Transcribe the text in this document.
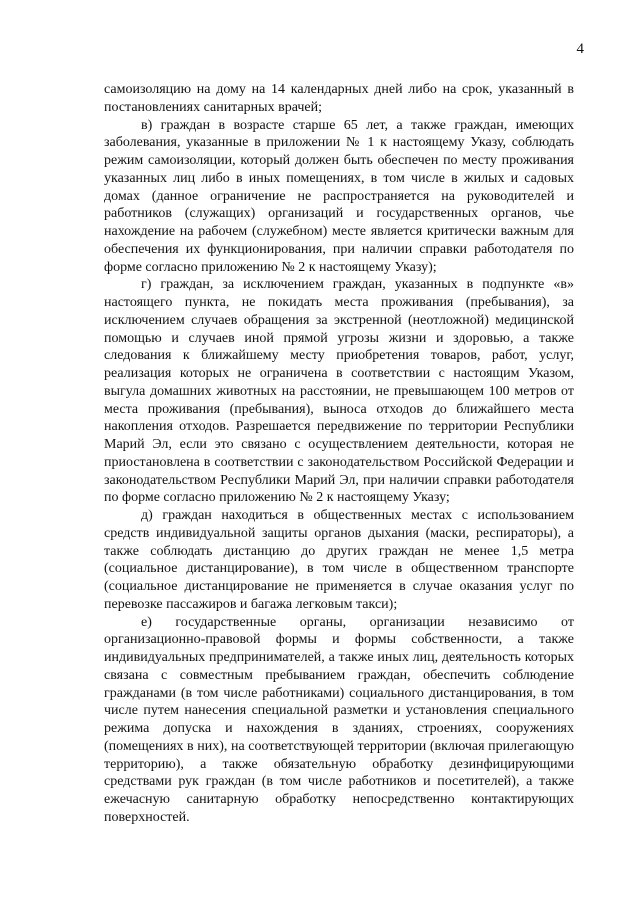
4

самоизоляцию на дому на 14 календарных дней либо на срок, указанный в постановлениях санитарных врачей;

в) граждан в возрасте старше 65 лет, а также граждан, имеющих заболевания, указанные в приложении № 1 к настоящему Указу, соблюдать режим самоизоляции, который должен быть обеспечен по месту проживания указанных лиц либо в иных помещениях, в том числе в жилых и садовых домах (данное ограничение не распространяется на руководителей и работников (служащих) организаций и государственных органов, чье нахождение на рабочем (служебном) месте является критически важным для обеспечения их функционирования, при наличии справки работодателя по форме согласно приложению № 2 к настоящему Указу);

г) граждан, за исключением граждан, указанных в подпункте «в» настоящего пункта, не покидать места проживания (пребывания), за исключением случаев обращения за экстренной (неотложной) медицинской помощью и случаев иной прямой угрозы жизни и здоровью, а также следования к ближайшему месту приобретения товаров, работ, услуг, реализация которых не ограничена в соответствии с настоящим Указом, выгула домашних животных на расстоянии, не превышающем 100 метров от места проживания (пребывания), выноса отходов до ближайшего места накопления отходов. Разрешается передвижение по территории Республики Марий Эл, если это связано с осуществлением деятельности, которая не приостановлена в соответствии с законодательством Российской Федерации и законодательством Республики Марий Эл, при наличии справки работодателя по форме согласно приложению № 2 к настоящему Указу;

д) граждан находиться в общественных местах с использованием средств индивидуальной защиты органов дыхания (маски, респираторы), а также соблюдать дистанцию до других граждан не менее 1,5 метра (социальное дистанцирование), в том числе в общественном транспорте (социальное дистанцирование не применяется в случае оказания услуг по перевозке пассажиров и багажа легковым такси);

е) государственные органы, организации независимо от организационно-правовой формы и формы собственности, а также индивидуальных предпринимателей, а также иных лиц, деятельность которых связана с совместным пребыванием граждан, обеспечить соблюдение гражданами (в том числе работниками) социального дистанцирования, в том числе путем нанесения специальной разметки и установления специального режима допуска и нахождения в зданиях, строениях, сооружениях (помещениях в них), на соответствующей территории (включая прилегающую территорию), а также обязательную обработку дезинфицирующими средствами рук граждан (в том числе работников и посетителей), а также ежечасную санитарную обработку непосредственно контактирующих поверхностей.
